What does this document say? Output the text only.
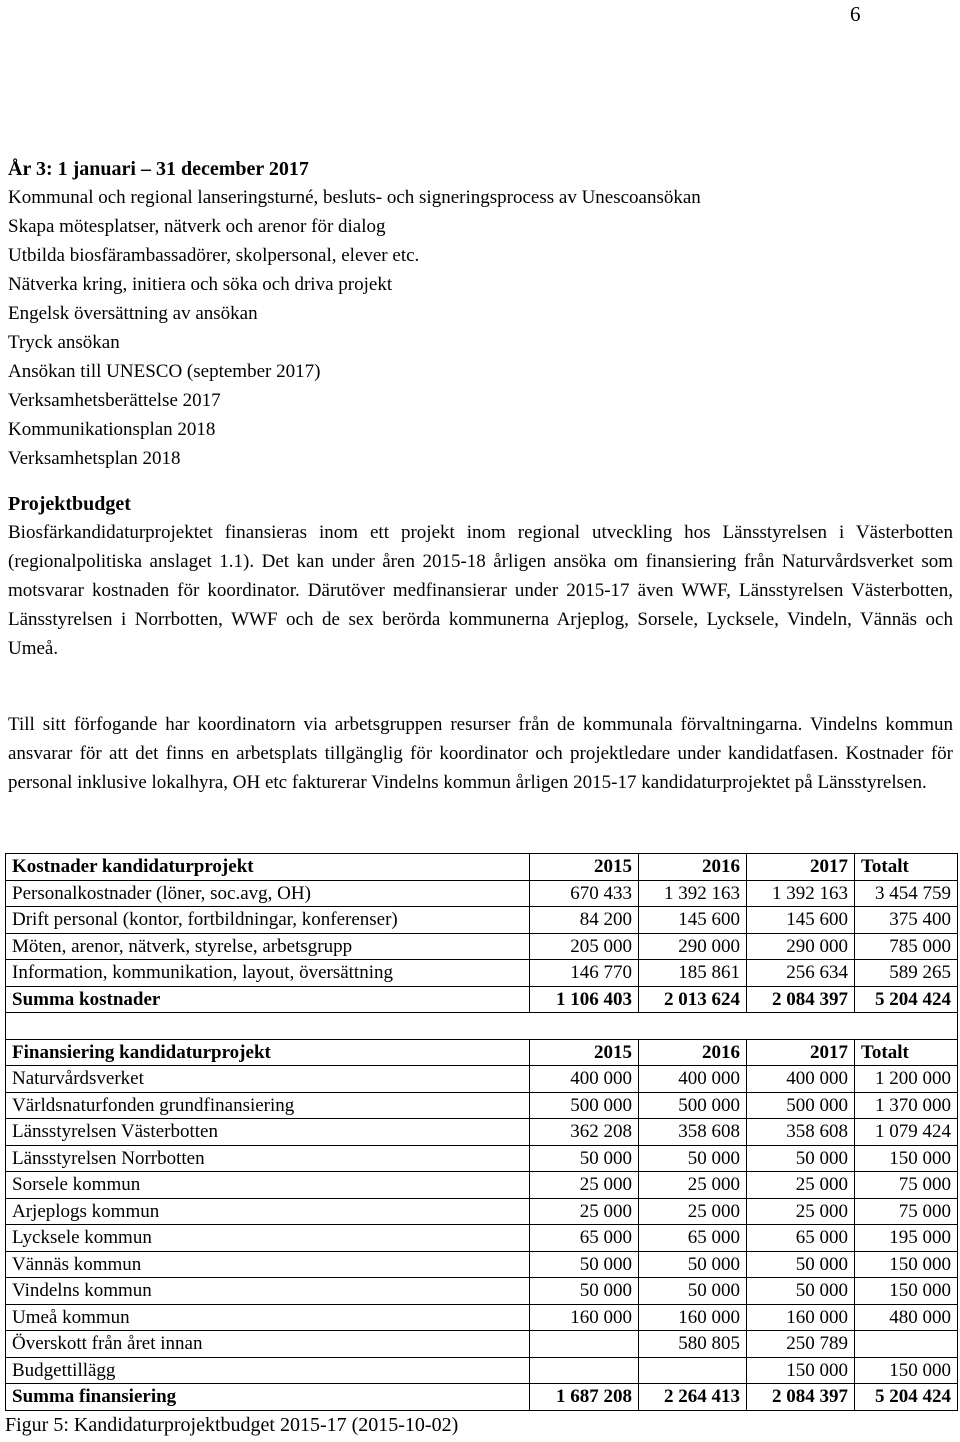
6
År 3: 1 januari – 31 december 2017
Kommunal och regional lanseringsturné, besluts- och signeringsprocess av Unescoansökan
Skapa mötesplatser, nätverk och arenor för dialog
Utbilda biosfärambassadörer, skolpersonal, elever etc.
Nätverka kring, initiera och söka och driva projekt
Engelsk översättning av ansökan
Tryck ansökan
Ansökan till UNESCO (september 2017)
Verksamhetsberättelse 2017
Kommunikationsplan 2018
Verksamhetsplan 2018
Projektbudget
Biosfärkandidaturprojektet finansieras inom ett projekt inom regional utveckling hos Länsstyrelsen i Västerbotten (regionalpolitiska anslaget 1.1). Det kan under åren 2015-18 årligen ansöka om finansiering från Naturvårdsverket som motsvarar kostnaden för koordinator. Därutöver medfinansierar under 2015-17 även WWF, Länsstyrelsen Västerbotten, Länsstyrelsen i Norrbotten, WWF och de sex berörda kommunerna Arjeplog, Sorsele, Lycksele, Vindeln, Vännäs och Umeå.
Till sitt förfogande har koordinatorn via arbetsgruppen resurser från de kommunala förvaltningarna. Vindelns kommun ansvarar för att det finns en arbetsplats tillgänglig för koordinator och projektledare under kandidatfasen. Kostnader för personal inklusive lokalhyra, OH etc fakturerar Vindelns kommun årligen 2015-17 kandidaturprojektet på Länsstyrelsen.
Kostnader kandidaturprojekt	2015	2016	2017	Totalt
Personalkostnader (löner, soc.avg, OH)	670 433	1 392 163	1 392 163	3 454 759
Drift personal (kontor, fortbildningar, konferenser)	84 200	145 600	145 600	375 400
Möten, arenor, nätverk, styrelse, arbetsgrupp	205 000	290 000	290 000	785 000
Information, kommunikation, layout, översättning	146 770	185 861	256 634	589 265
Summa kostnader	1 106 403	2 013 624	2 084 397	5 204 424

Finansiering kandidaturprojekt	2015	2016	2017	Totalt
Naturvårdsverket	400 000	400 000	400 000	1 200 000
Världsnaturfonden grundfinansiering	500 000	500 000	500 000	1 370 000
Länsstyrelsen Västerbotten	362 208	358 608	358 608	1 079 424
Länsstyrelsen Norrbotten	50 000	50 000	50 000	150 000
Sorsele kommun	25 000	25 000	25 000	75 000
Arjeplogs kommun	25 000	25 000	25 000	75 000
Lycksele kommun	65 000	65 000	65 000	195 000
Vännäs kommun	50 000	50 000	50 000	150 000
Vindelns kommun	50 000	50 000	50 000	150 000
Umeå kommun	160 000	160 000	160 000	480 000
Överskott från året innan		580 805	250 789	
Budgettillägg			150 000	150 000
Summa finansiering	1 687 208	2 264 413	2 084 397	5 204 424
Figur 5: Kandidaturprojektbudget 2015-17 (2015-10-02)
